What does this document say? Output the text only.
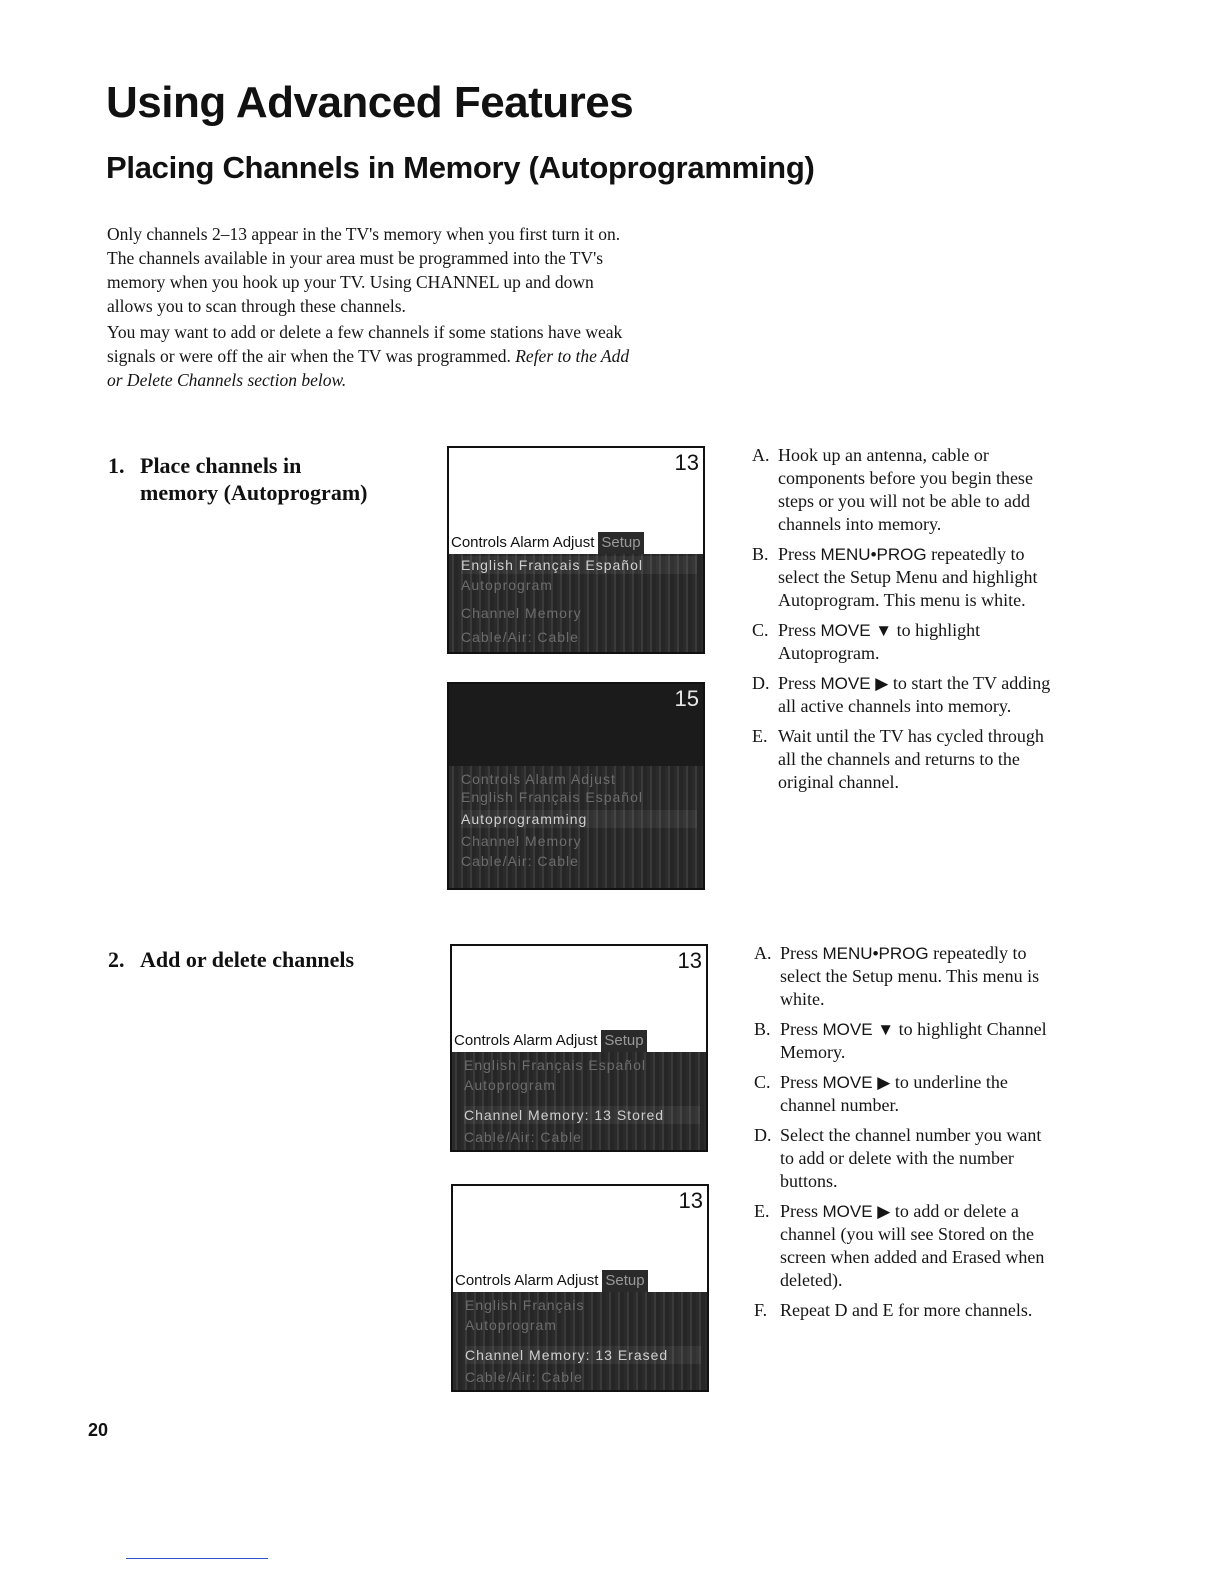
Using Advanced Features
Placing Channels in Memory (Autoprogramming)

Only channels 2–13 appear in the TV's memory when you first turn it on.
The channels available in your area must be programmed into the TV's
memory when you hook up your TV. Using CHANNEL up and down
allows you to scan through these channels.

You may want to add or delete a few channels if some stations have weak
signals or were off the air when the TV was programmed. Refer to the Add
or Delete Channels section below.

1. Place channels in
memory (Autoprogram)
13
Controls Alarm Adjust Setup
English Français Español
Autoprogram
Channel Memory
Cable/Air: Cable
15
Controls Alarm Adjust
English Français Español
Autoprogramming
Channel Memory
Cable/Air: Cable
A. Hook up an antenna, cable or components before you begin these steps or you will not be able to add channels into memory.
B. Press MENU•PROG repeatedly to select the Setup Menu and highlight Autoprogram. This menu is white.
C. Press MOVE ▼ to highlight Autoprogram.
D. Press MOVE ▶ to start the TV adding all active channels into memory.
E. Wait until the TV has cycled through all the channels and returns to the original channel.
2. Add or delete channels	13
Controls Alarm Adjust Setup
English Français Español
Autoprogram
Channel Memory: 13 Stored
Cable/Air: Cable
13
Controls Alarm Adjust Setup
English Français
Autoprogram
Channel Memory: 13 Erased
Cable/Air: Cable
A. Press MENU•PROG repeatedly to select the Setup menu. This menu is white.
B. Press MOVE ▼ to highlight Channel Memory.
C. Press MOVE ▶ to underline the channel number.
D. Select the channel number you want to add or delete with the number buttons.
E. Press MOVE ▶ to add or delete a channel (you will see Stored on the screen when added and Erased when deleted).
F. Repeat D and E for more channels.
20
